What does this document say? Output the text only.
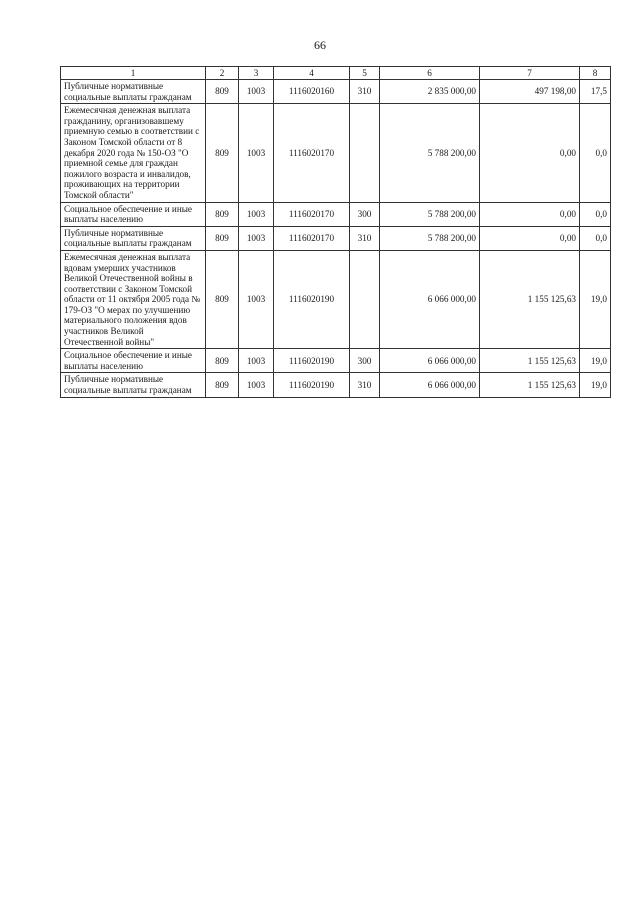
66
1	2	3	4	5	6	7	8
Публичные нормативные социальные выплаты гражданам	809	1003	1116020160	310	2 835 000,00	497 198,00	17,5
Ежемесячная денежная выплата гражданину, организовавшему приемную семью в соответствии с Законом Томской области от 8 декабря 2020 года № 150-ОЗ "О приемной семье для граждан пожилого возраста и инвалидов, проживающих на территории Томской области"	809	1003	1116020170		5 788 200,00	0,00	0,0
Социальное обеспечение и иные выплаты населению	809	1003	1116020170	300	5 788 200,00	0,00	0,0
Публичные нормативные социальные выплаты гражданам	809	1003	1116020170	310	5 788 200,00	0,00	0,0
Ежемесячная денежная выплата вдовам умерших участников Великой Отечественной войны в соответствии с Законом Томской области от 11 октября 2005 года № 179-ОЗ "О мерах по улучшению материального положения вдов участников Великой Отечественной войны"	809	1003	1116020190		6 066 000,00	1 155 125,63	19,0
Социальное обеспечение и иные выплаты населению	809	1003	1116020190	300	6 066 000,00	1 155 125,63	19,0
Публичные нормативные социальные выплаты гражданам	809	1003	1116020190	310	6 066 000,00	1 155 125,63	19,0
